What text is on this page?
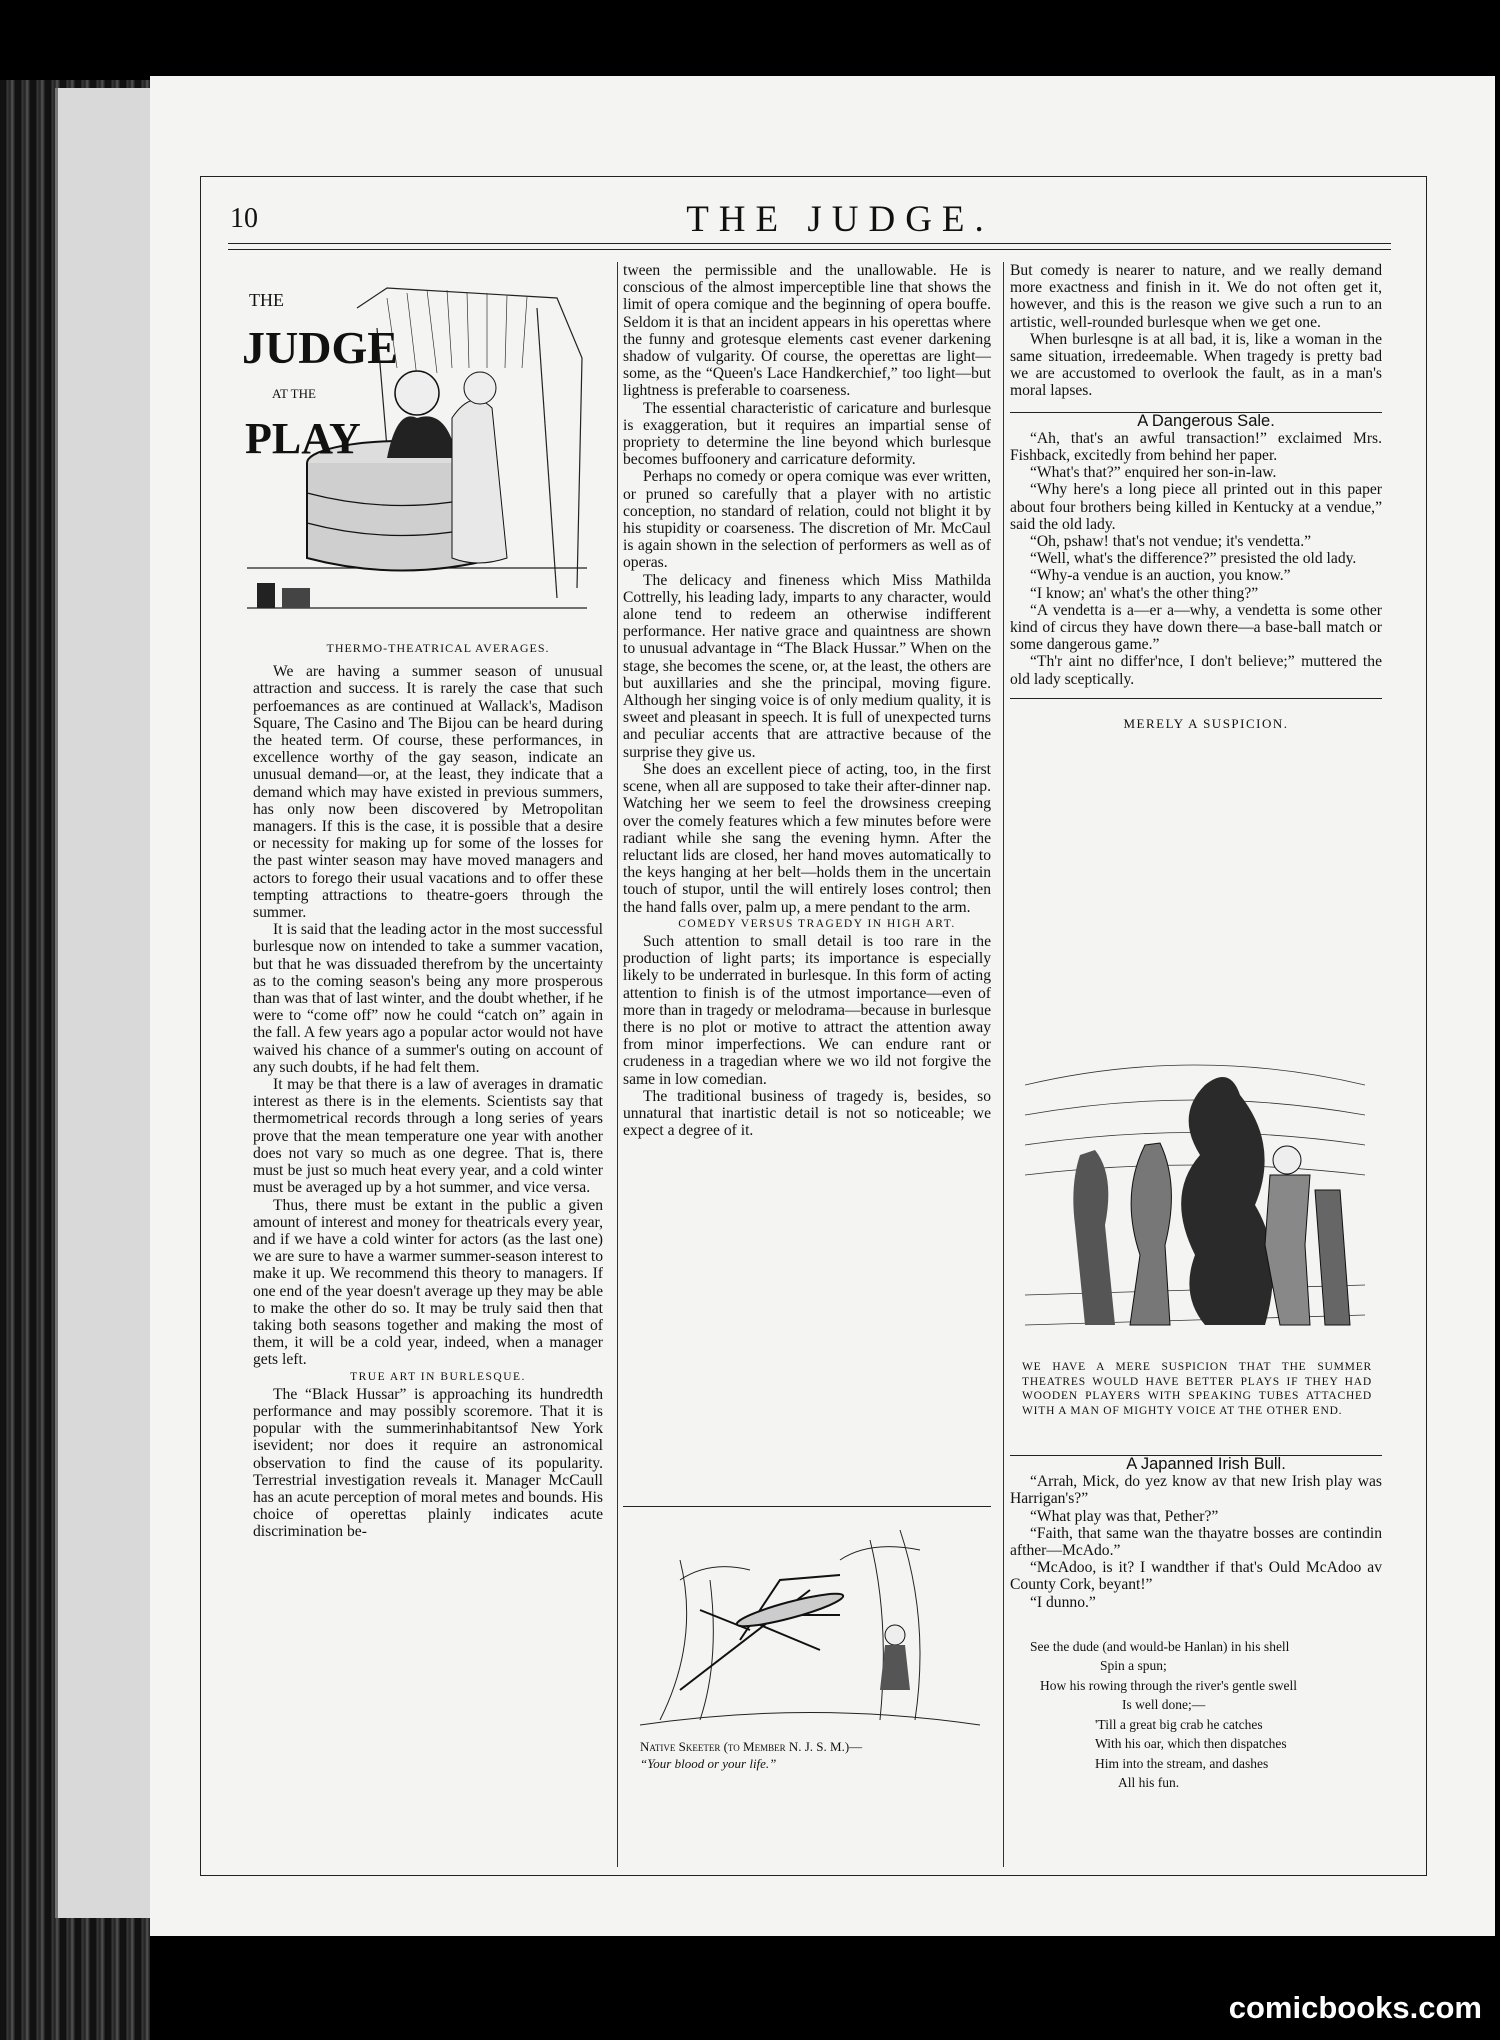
10	THE JUDGE.
THE
JUDGE
AT THE
PLAY

THERMO-THEATRICAL AVERAGES.

We are having a summer season of unusual attraction and success. It is rarely the case that such perfoemances as are continued at Wallack's, Madison Square, The Casino and The Bijou can be heard during the heated term. Of course, these performances, in excellence worthy of the gay season, indicate an unusual demand—or, at the least, they indicate that a demand which may have existed in previous summers, has only now been discovered by Metropolitan managers. If this is the case, it is possible that a desire or necessity for making up for some of the losses for the past winter season may have moved managers and actors to forego their usual vacations and to offer these tempting attractions to theatre-goers through the summer.

It is said that the leading actor in the most successful burlesque now on intended to take a summer vacation, but that he was dissuaded therefrom by the uncertainty as to the coming season's being any more prosperous than was that of last winter, and the doubt whether, if he were to “come off” now he could “catch on” again in the fall. A few years ago a popular actor would not have waived his chance of a summer's outing on account of any such doubts, if he had felt them.

It may be that there is a law of averages in dramatic interest as there is in the elements. Scientists say that thermometrical records through a long series of years prove that the mean temperature one year with another does not vary so much as one degree. That is, there must be just so much heat every year, and a cold winter must be averaged up by a hot summer, and vice versa.

Thus, there must be extant in the public a given amount of interest and money for theatricals every year, and if we have a cold winter for actors (as the last one) we are sure to have a warmer summer-season interest to make it up. We recommend this theory to managers. If one end of the year doesn't average up they may be able to make the other do so. It may be truly said then that taking both seasons together and making the most of them, it will be a cold year, indeed, when a manager gets left.

TRUE ART IN BURLESQUE.

The “Black Hussar” is approaching its hundredth performance and may possibly scoremore. That it is popular with the summerinhabitantsof New York isevident; nor does it require an astronomical observation to find the cause of its popularity. Terrestrial investigation reveals it. Manager McCaull has an acute perception of moral metes and bounds. His choice of operettas plainly indicates acute discrimination be-

tween the permissible and the unallowable. He is conscious of the almost imperceptible line that shows the limit of opera comique and the beginning of opera bouffe. Seldom it is that an incident appears in his operettas where the funny and grotesque elements cast evener darkening shadow of vulgarity. Of course, the operettas are light—some, as the “Queen's Lace Handkerchief,” too light—but lightness is preferable to coarseness.

The essential characteristic of caricature and burlesque is exaggeration, but it requires an impartial sense of propriety to determine the line beyond which burlesque becomes buffoonery and carricature deformity.

Perhaps no comedy or opera comique was ever written, or pruned so carefully that a player with no artistic conception, no standard of relation, could not blight it by his stupidity or coarseness. The discretion of Mr. McCaul is again shown in the selection of performers as well as of operas.

The delicacy and fineness which Miss Mathilda Cottrelly, his leading lady, imparts to any character, would alone tend to redeem an otherwise indifferent performance. Her native grace and quaintness are shown to unusual advantage in “The Black Hussar.” When on the stage, she becomes the scene, or, at the least, the others are but auxillaries and she the principal, moving figure. Although her singing voice is of only medium quality, it is sweet and pleasant in speech. It is full of unexpected turns and peculiar accents that are attractive because of the surprise they give us.

She does an excellent piece of acting, too, in the first scene, when all are supposed to take their after-dinner nap. Watching her we seem to feel the drowsiness creeping over the comely features which a few minutes before were radiant while she sang the evening hymn. After the reluctant lids are closed, her hand moves automatically to the keys hanging at her belt—holds them in the uncertain touch of stupor, until the will entirely loses control; then the hand falls over, palm up, a mere pendant to the arm.

COMEDY VERSUS TRAGEDY IN HIGH ART.

Such attention to small detail is too rare in the production of light parts; its importance is especially likely to be underrated in burlesque. In this form of acting attention to finish is of the utmost importance—even of more than in tragedy or melodrama—because in burlesque there is no plot or motive to attract the attention away from minor imperfections. We can endure rant or crudeness in a tragedian where we wo ild not forgive the same in low comedian.

The traditional business of tragedy is, besides, so unnatural that inartistic detail is not so noticeable; we expect a degree of it.

Native Skeeter (to Member N. J. S. M.)—

“Your blood or your life.”

But comedy is nearer to nature, and we really demand more exactness and finish in it. We do not often get it, however, and this is the reason we give such a run to an artistic, well-rounded burlesque when we get one.

When burlesqne is at all bad, it is, like a woman in the same situation, irredeemable. When tragedy is pretty bad we are accustomed to overlook the fault, as in a man's moral lapses.

A Dangerous Sale.

“Ah, that's an awful transaction!” exclaimed Mrs. Fishback, excitedly from behind her paper.

“What's that?” enquired her son-in-law.

“Why here's a long piece all printed out in this paper about four brothers being killed in Kentucky at a vendue,” said the old lady.

“Oh, pshaw! that's not vendue; it's vendetta.”

“Well, what's the difference?” presisted the old lady.

“Why-a vendue is an auction, you know.”

“I know; an' what's the other thing?”

“A vendetta is a—er a—why, a vendetta is some other kind of circus they have down there—a base-ball match or some dangerous game.”

“Th'r aint no differ'nce, I don't believe;” muttered the old lady sceptically.

MERELY A SUSPICION.

WE HAVE A MERE SUSPICION THAT THE SUMMER THEATRES WOULD HAVE BETTER PLAYS IF THEY HAD WOODEN PLAYERS WITH SPEAKING TUBES ATTACHED WITH A MAN OF MIGHTY VOICE AT THE OTHER END.

A Japanned Irish Bull.

“Arrah, Mick, do yez know av that new Irish play was Harrigan's?”

“What play was that, Pether?”

“Faith, that same wan the thayatre bosses are contindin afther—McAdo.”

“McAdoo, is it? I wandther if that's Ould McAdoo av County Cork, beyant!”

“I dunno.”

See the dude (and would-be Hanlan) in his shell
Spin a spun;
How his rowing through the river's gentle swell
Is well done;—
'Till a great big crab he catches
With his oar, which then dispatches
Him into the stream, and dashes
All his fun.
comicbooks.com
